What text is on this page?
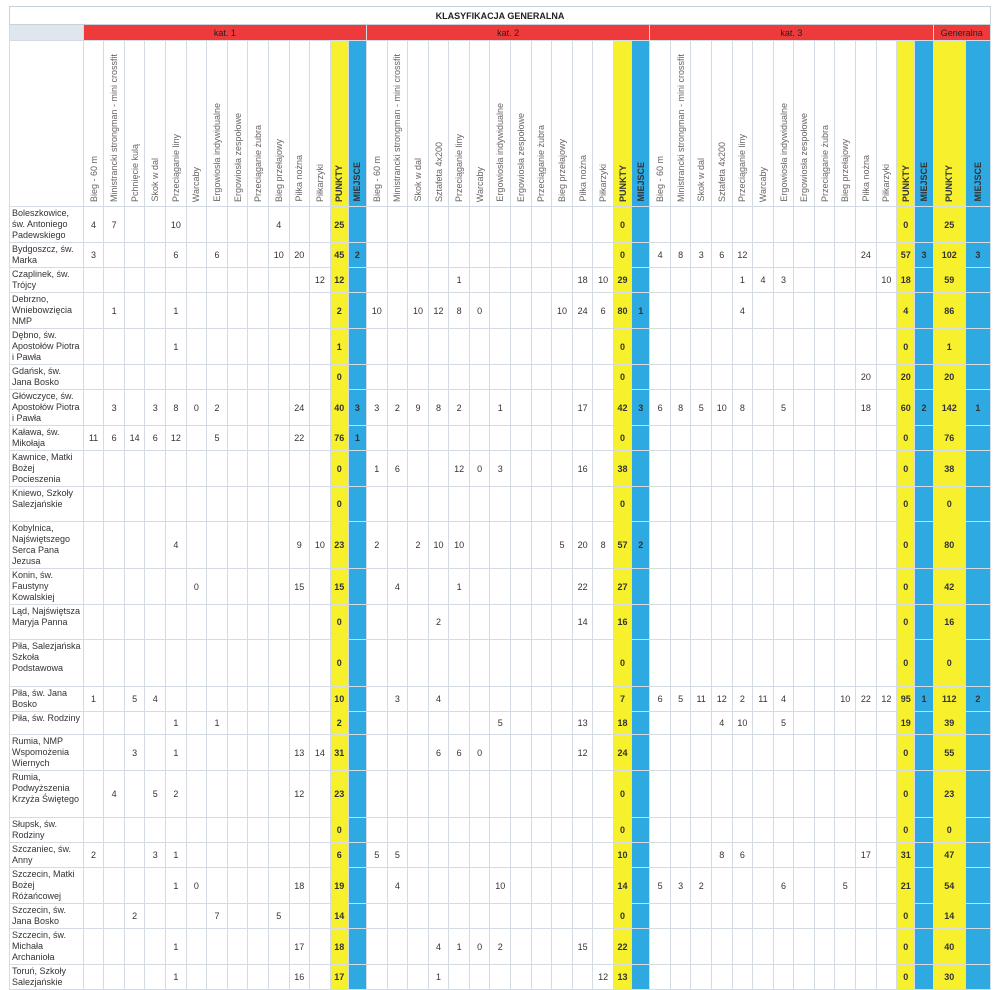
KLASYFIKACJA GENERALNA																																												
	kat. 1														kat. 2														kat. 3														Generalna	

	Bieg - 60 m	Ministrancki strongman - mini crossfit	Pchnięcie kulą	Skok w dal	Przeciąganie liny	Warcaby	Ergowiosła indywidualne	Ergowiosła zespołowe	Przeciąganie żubra	Bieg przełajowy	Piłka nożna	Piłkarzyki	PUNKTY	MIEJSCE	Bieg - 60 m	Ministrancki strongman - mini crossfit	Skok w dal	Sztafeta 4x200	Przeciąganie liny	Warcaby	Ergowiosła indywidualne	Ergowiosła zespołowe	Przeciąganie żubra	Bieg przełajowy	Piłka nożna	Piłkarzyki	PUNKTY	MIEJSCE	Bieg - 60 m	Ministrancki strongman - mini crossfit	Skok w dal	Sztafeta 4x200	Przeciąganie liny	Warcaby	Ergowiosła indywidualne	Ergowiosła zespołowe	Przeciąganie żubra	Bieg przełajowy	Piłka nożna	Piłkarzyki	PUNKTY	MIEJSCE	PUNKTY	MIEJSCE

Boleszkowice, św. Antoniego Padewskiego	4	7			10					4			25														0														0		25	
Bydgoszcz, św. Marka	3				6		6			10	20		45	2													0		4	8	3	6	12						24		57	3	102	3
Czaplinek, św. Trójcy												12	12						1						18	10	29						1	4	3					10	18		59	
Debrzno, Wniebowzięcia NMP		1			1								2		10		10	12	8	0				10	24	6	80	1					4								4		86	
Dębno, św. Apostołów Piotra i Pawła					1								1														0														0		1	
Gdańsk, św. Jana Bosko													0														0												20		20		20	
Główczyce, św. Apostołów Piotra i Pawła		3		3	8	0	2				24		40	3	3	2	9	8	2		1				17		42	3	6	8	5	10	8		5				18		60	2	142	1
Kaława, św. Mikołaja	11	6	14	6	12		5				22		76	1													0														0		76	
Kawnice, Matki Bożej Pocieszenia													0		1	6			12	0	3				16		38														0		38	
Kniewo, Szkoły Salezjańskie													0														0														0		0	
Kobylnica, Najświętszego Serca Pana Jezusa					4						9	10	23		2		2	10	10					5	20	8	57	2													0		80	
Konin, św. Faustyny Kowalskiej						0					15		15			4			1						22		27														0		42	
Ląd, Najświętsza Maryja Panna													0					2							14		16														0		16	
Piła, Salezjańska Szkoła Podstawowa													0														0														0		0	
Piła, św. Jana Bosko	1		5	4									10			3		4									7		6	5	11	12	2	11	4			10	22	12	95	1	112	2
Piła, św. Rodziny					1		1						2								5				13		18					4	10		5						19		39	
Rumia, NMP Wspomożenia Wiernych			3		1						13	14	31					6	6	0					12		24														0		55	
Rumia, Podwyższenia Krzyża Świętego		4		5	2						12		23														0														0		23	
Słupsk, św. Rodziny													0														0														0		0	
Szczaniec, św. Anny	2			3	1								6		5	5											10					8	6						17		31		47	
Szczecin, Matki Bożej Różańcowej					1	0					18		19			4					10						14		5	3	2				6			5			21		54	
Szczecin, św. Jana Bosko			2				7			5			14														0														0		14	
Szczecin, św. Michała Archanioła					1						17		18					4	1	0	2				15		22														0		40	
Toruń, Szkoły Salezjańskie					1						16		17					1								12	13														0		30	
